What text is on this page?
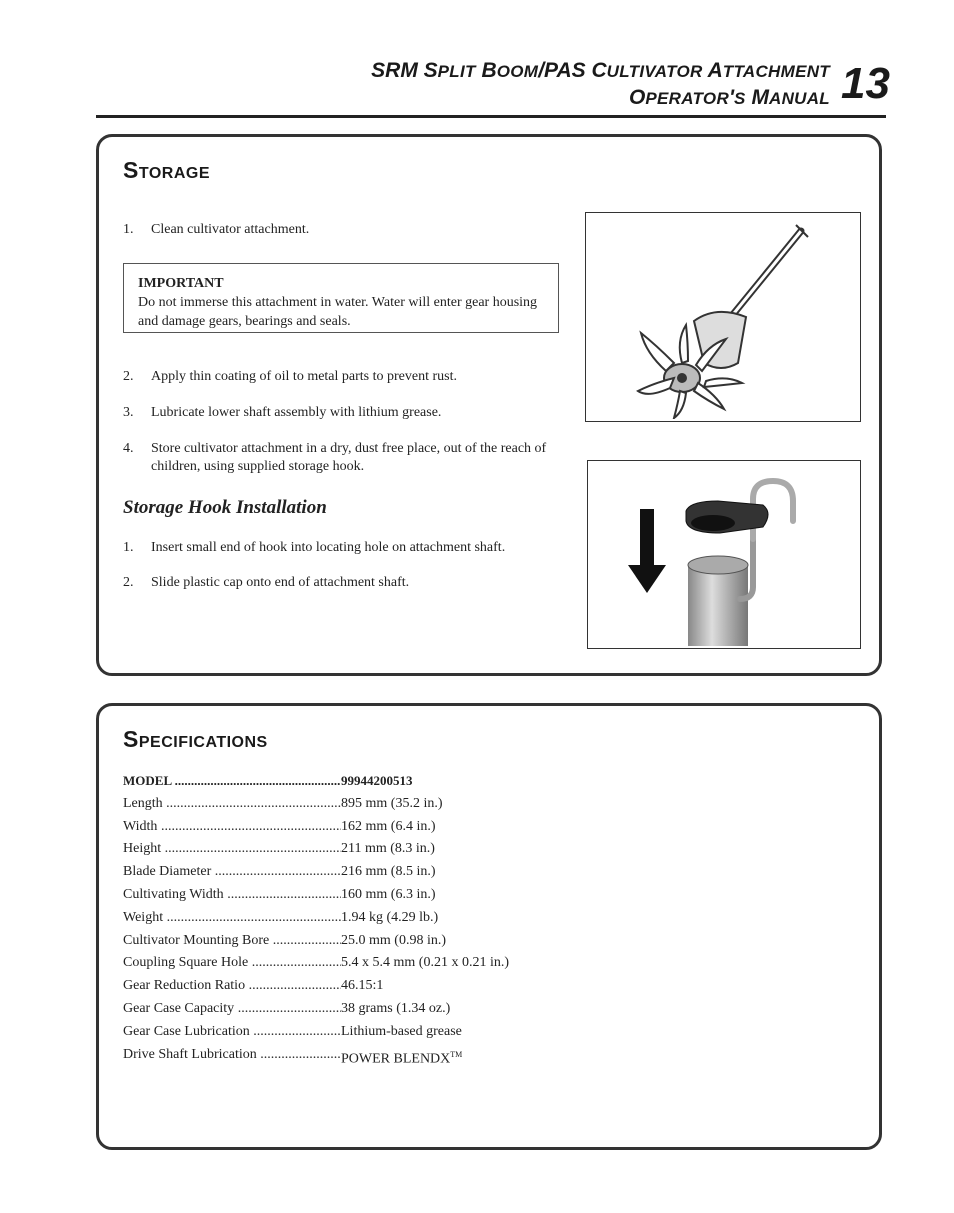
SRM SPLIT BOOM/PAS CULTIVATOR ATTACHMENT
OPERATOR'S MANUAL 13
STORAGE
1. Clean cultivator attachment.
IMPORTANT
Do not immerse this attachment in water. Water will enter gear housing and damage gears, bearings and seals.
2. Apply thin coating of oil to metal parts to prevent rust.
3. Lubricate lower shaft assembly with lithium grease.
4. Store cultivator attachment in a dry, dust free place, out of the reach of children, using supplied storage hook.
Storage Hook Installation
1. Insert small end of hook into locating hole on attachment shaft.
2. Slide plastic cap onto end of attachment shaft.
SPECIFICATIONS
MODEL .....	99944200513
Length .....	895 mm (35.2 in.)
Width .....	162 mm (6.4 in.)
Height .....	211 mm (8.3 in.)
Blade Diameter .....	216 mm (8.5 in.)
Cultivating Width .....	160 mm (6.3 in.)
Weight .....	1.94 kg (4.29 lb.)
Cultivator Mounting Bore .....	25.0 mm (0.98 in.)
Coupling Square Hole .....	5.4 x 5.4 mm (0.21 x 0.21 in.)
Gear Reduction Ratio .....	46.15:1
Gear Case Capacity .....	38 grams (1.34 oz.)
Gear Case Lubrication .....	Lithium-based grease
Drive Shaft Lubrication .....	POWER BLENDX™
